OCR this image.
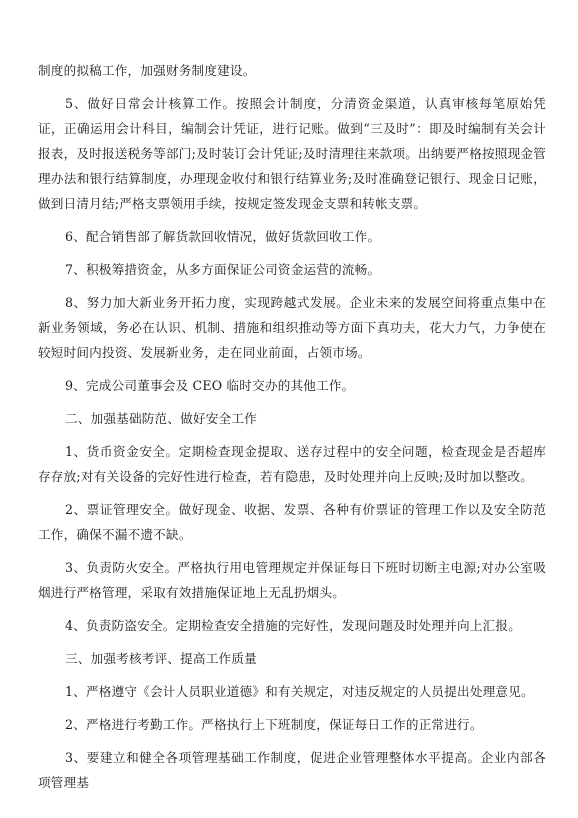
制度的拟稿工作，加强财务制度建设。

5、做好日常会计核算工作。按照会计制度，分清资金渠道，认真审核每笔原始凭证，正确运用会计科目，编制会计凭证，进行记账。做到“三及时”：即及时编制有关会计报表，及时报送税务等部门;及时装订会计凭证;及时清理往来款项。出纳要严格按照现金管理办法和银行结算制度，办理现金收付和银行结算业务;及时准确登记银行、现金日记账，做到日清月结;严格支票领用手续，按规定签发现金支票和转帐支票。

6、配合销售部了解货款回收情况，做好货款回收工作。

7、积极筹措资金，从多方面保证公司资金运营的流畅。

8、努力加大新业务开拓力度，实现跨越式发展。企业未来的发展空间将重点集中在新业务领域，务必在认识、机制、措施和组织推动等方面下真功夫，花大力气，力争使在较短时间内投资、发展新业务，走在同业前面，占领市场。

9、完成公司董事会及 CEO 临时交办的其他工作。

二、加强基础防范、做好安全工作

1、货币资金安全。定期检查现金提取、送存过程中的安全问题，检查现金是否超库存存放;对有关设备的完好性进行检查，若有隐患，及时处理并向上反映;及时加以整改。

2、票证管理安全。做好现金、收据、发票、各种有价票证的管理工作以及安全防范工作，确保不漏不遗不缺。

3、负责防火安全。严格执行用电管理规定并保证每日下班时切断主电源;对办公室吸烟进行严格管理，采取有效措施保证地上无乱扔烟头。

4、负责防盗安全。定期检查安全措施的完好性，发现问题及时处理并向上汇报。

三、加强考核考评、提高工作质量

1、严格遵守《会计人员职业道德》和有关规定，对违反规定的人员提出处理意见。

2、严格进行考勤工作。严格执行上下班制度，保证每日工作的正常进行。

3、要建立和健全各项管理基础工作制度，促进企业管理整体水平提高。企业内部各项管理基
